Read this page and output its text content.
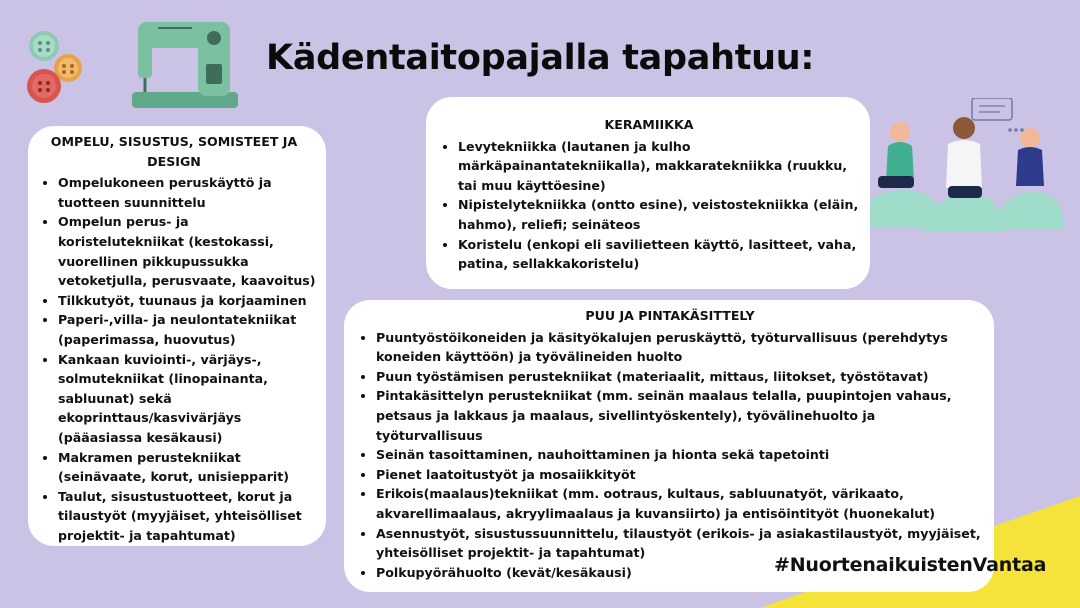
Kädentaitopajalla tapahtuu:
OMPELU, SISUSTUS, SOMISTEET JA DESIGN
• Ompelukoneen peruskäyttö ja tuotteen suunnittelu
• Ompelun perus- ja koristelutekniikat (kestokassi, vuorellinen pikkupussukka vetoketjulla, perusvaate, kaavoitus)
• Tilkkutyöt, tuunaus ja korjaaminen
• Paperi-,villa- ja neulontatekniikat (paperimassa, huovutus)
• Kankaan kuviointi-, värjäys-, solmutekniikat (linopainanta, sabluunat) sekä ekoprinttaus/kasvivärjäys (pääasiassa kesäkausi)
• Makramen perustekniikat (seinävaate, korut, unisiepparit)
• Taulut, sisustustuotteet, korut ja tilaustyöt (myyjäiset, yhteisölliset projektit- ja tapahtumat)
KERAMIIKKA
• Levytekniikka (lautanen ja kulho märkäpainantatekniikalla), makkaratekniikka (ruukku, tai muu käyttöesine)
• Nipistelytekniikka (ontto esine), veistostekniikka (eläin, hahmo), reliefi; seinäteos
• Koristelu (enkopi eli savilietteen käyttö, lasitteet, vaha, patina, sellakkakoristelu)
PUU JA PINTAKÄSITTELY
• Puuntyöstöikoneiden ja käsityökalujen peruskäyttö, työturvallisuus (perehdytys koneiden käyttöön) ja työvälineiden huolto
• Puun työstämisen perustekniikat (materiaalit, mittaus, liitokset, työstötavat)
• Pintakäsittelyn perustekniikat (mm. seinän maalaus telalla, puupintojen vahaus, petsaus ja lakkaus ja maalaus, sivellintyöskentely), työvälinehuolto ja työturvallisuus
• Seinän tasoittaminen, nauhoittaminen ja hionta sekä tapetointi
• Pienet laatoitustyöt ja mosaiikkityöt
• Erikois(maalaus)tekniikat (mm. ootraus, kultaus, sabluunatyöt, värikaato, akvarellimaalaus, akryylimaalaus ja kuvansiirto) ja entisöintityöt (huonekalut)
• Asennustyöt, sisustussuunnittelu, tilaustyöt (erikois- ja asiakastilaustyöt, myyjäiset, yhteisölliset projektit- ja tapahtumat)
• Polkupyörähuolto (kevät/kesäkausi)	#NuortenaikuistenVantaa
